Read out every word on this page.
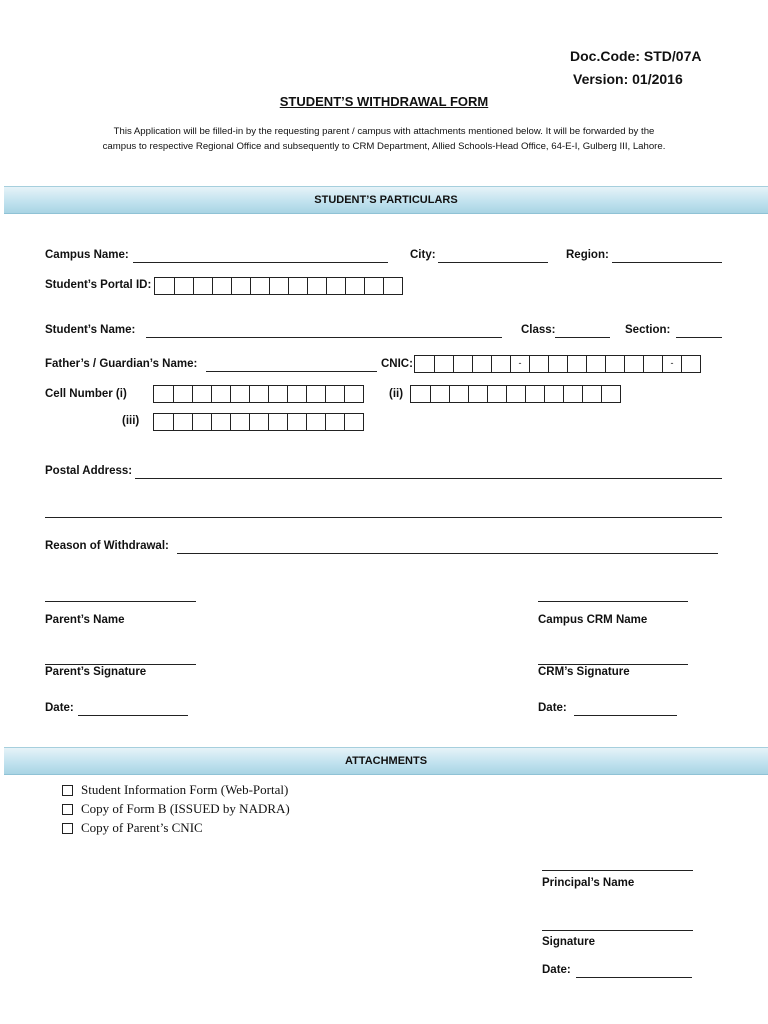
Doc.Code: STD/07A
Version: 01/2016
STUDENT’S WITHDRAWAL FORM
This Application will be filled-in by the requesting parent / campus with attachments mentioned below. It will be forwarded by the
campus to respective Regional Office and subsequently to CRM Department, Allied Schools-Head Office, 64-E-I, Gulberg III, Lahore.
STUDENT’S PARTICULARS
Campus Name:	City:	Region:
Student’s Portal ID:
Student’s Name:	Class:	Section:
Father’s / Guardian’s Name:	CNIC:	-	-
Cell Number (i)	(ii)
(iii)
Postal Address:
Reason of Withdrawal:
Parent’s Name
Parent’s Signature
Date:
Campus CRM Name
CRM’s Signature
Date:
ATTACHMENTS
Student Information Form (Web-Portal)
Copy of Form B (ISSUED by NADRA)
Copy of Parent’s CNIC
Principal’s Name
Signature
Date:
